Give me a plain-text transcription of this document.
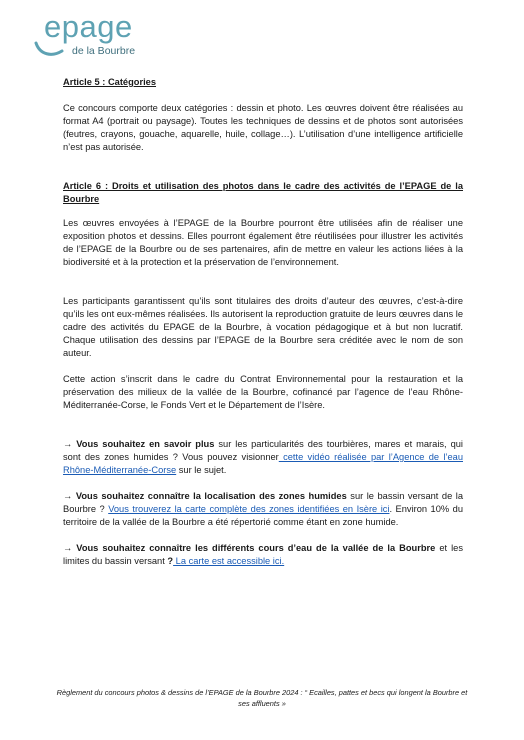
epage
de la Bourbre

Article 5 : Catégories

Ce concours comporte deux catégories : dessin et photo. Les œuvres doivent être réalisées au format A4 (portrait ou paysage). Toutes les techniques de dessins et de photos sont autorisées (feutres, crayons, gouache, aquarelle, huile, collage…). L’utilisation d’une intelligence artificielle n’est pas autorisée.

Article 6 : Droits et utilisation des photos dans le cadre des activités de l’EPAGE de la Bourbre

Les œuvres envoyées à l’EPAGE de la Bourbre pourront être utilisées afin de réaliser une exposition photos et dessins. Elles pourront également être réutilisées pour illustrer les activités de l’EPAGE de la Bourbre ou de ses partenaires, afin de mettre en valeur les actions liées à la biodiversité et à la protection et la préservation de l’environnement.

Les participants garantissent qu’ils sont titulaires des droits d’auteur des œuvres, c’est-à-dire qu’ils les ont eux-mêmes réalisées. Ils autorisent la reproduction gratuite de leurs œuvres dans le cadre des activités du EPAGE de la Bourbre, à vocation pédagogique et à but non lucratif. Chaque utilisation des dessins par l’EPAGE de la Bourbre sera créditée avec le nom de son auteur.

Cette action s’inscrit dans le cadre du Contrat Environnemental pour la restauration et la préservation des milieux de la vallée de la Bourbre, cofinancé par l’agence de l’eau Rhône-Méditerranée-Corse, le Fonds Vert et le Département de l’Isère.

→ Vous souhaitez en savoir plus sur les particularités des tourbières, mares et marais, qui sont des zones humides ? Vous pouvez visionner cette vidéo réalisée par l’Agence de l’eau Rhône-Méditerranée-Corse sur le sujet.

→ Vous souhaitez connaître la localisation des zones humides sur le bassin versant de la Bourbre ? Vous trouverez la carte complète des zones identifiées en Isère ici. Environ 10% du territoire de la vallée de la Bourbre a été répertorié comme étant en zone humide.

→ Vous souhaitez connaître les différents cours d’eau de la vallée de la Bourbre et les limites du bassin versant ? La carte est accessible ici.

Règlement du concours photos & dessins de l’EPAGE de la Bourbre 2024 : “ Ecailles, pattes et becs qui longent la Bourbre et ses affluents »
